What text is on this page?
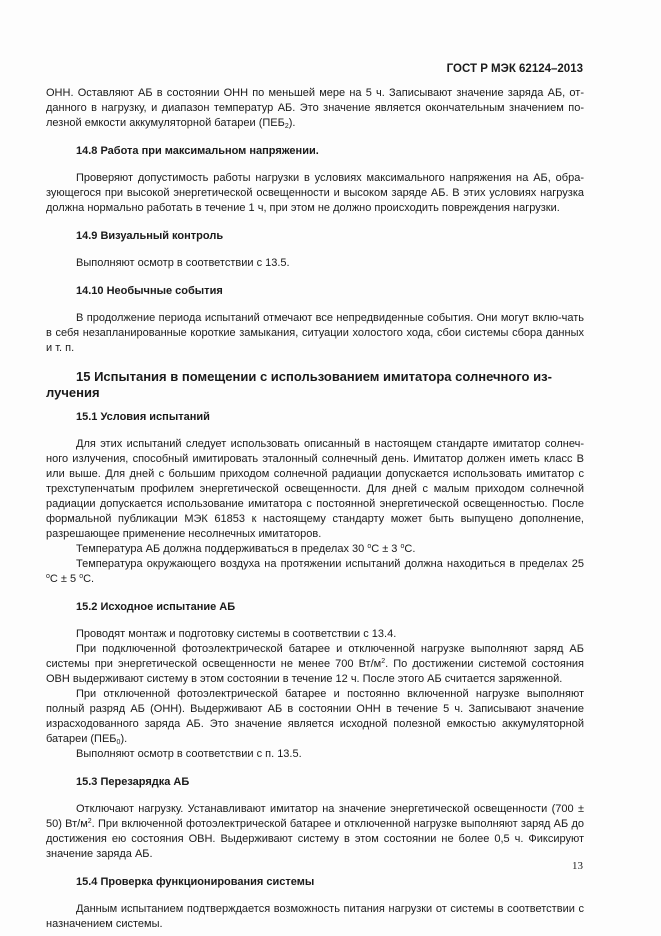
ГОСТ Р МЭК 62124–2013

ОНН. Оставляют АБ в состоянии ОНН по меньшей мере на 5 ч. Записывают значение заряда АБ, от-данного в нагрузку, и диапазон температур АБ. Это значение является окончательным значением по-лезной емкости аккумуляторной батареи $(ПЕБ_2)$.

14.8 Работа при максимальном напряжении.

Проверяют допустимость работы нагрузки в условиях максимального напряжения на АБ, обра-зующегося при высокой энергетической освещенности и высоком заряде АБ. В этих условиях нагрузка должна нормально работать в течение 1 ч, при этом не должно происходить повреждения нагрузки.

14.9 Визуальный контроль

Выполняют осмотр в соответствии с 13.5.

14.10 Необычные события

В продолжение периода испытаний отмечают все непредвиденные события. Они могут вклю-чать в себя незапланированные короткие замыкания, ситуации холостого хода, сбои системы сбора данных и т. п.

15 Испытания в помещении с использованием имитатора солнечного из-
лучения

15.1 Условия испытаний

Для этих испытаний следует использовать описанный в настоящем стандарте имитатор солнеч-ного излучения, способный имитировать эталонный солнечный день. Имитатор должен иметь класс В или выше. Для дней с большим приходом солнечной радиации допускается использовать имитатор с трехступенчатым профилем энергетической освещенности. Для дней с малым приходом солнечной радиации допускается использование имитатора с постоянной энергетической освещенностью. После формальной публикации МЭК 61853 к настоящему стандарту может быть выпущено дополнение, разрешающее применение несолнечных имитаторов.

Температура АБ должна поддерживаться в пределах 30 $^o$C ± 3 $^o$C.

Температура окружающего воздуха на протяжении испытаний должна находиться в пределах 25 $^o$C ± 5 $^o$C.

15.2 Исходное испытание АБ

Проводят монтаж и подготовку системы в соответствии с 13.4.

При подключенной фотоэлектрической батарее и отключенной нагрузке выполняют заряд АБ системы при энергетической освещенности не менее 700 $Вт/м^2$. По достижении системой состояния ОВН выдерживают систему в этом состоянии в течение 12 ч. После этого АБ считается заряженной.

При отключенной фотоэлектрической батарее и постоянно включенной нагрузке выполняют полный разряд АБ (ОНН). Выдерживают АБ в состоянии ОНН в течение 5 ч. Записывают значение израсходованного заряда АБ. Это значение является исходной полезной емкостью аккумуляторной батареи $(ПЕБ_0)$.

Выполняют осмотр в соответствии с п. 13.5.

15.3 Перезарядка АБ

Отключают нагрузку. Устанавливают имитатор на значение энергетической освещенности (700 ± 50) $Вт/м^2$. При включенной фотоэлектрической батарее и отключенной нагрузке выполняют заряд АБ до достижения ею состояния ОВН. Выдерживают систему в этом состоянии не более 0,5 ч. Фиксируют значение заряда АБ.

15.4 Проверка функционирования системы

Данным испытанием подтверждается возможность питания нагрузки от системы в соответствии с назначением системы.

13
